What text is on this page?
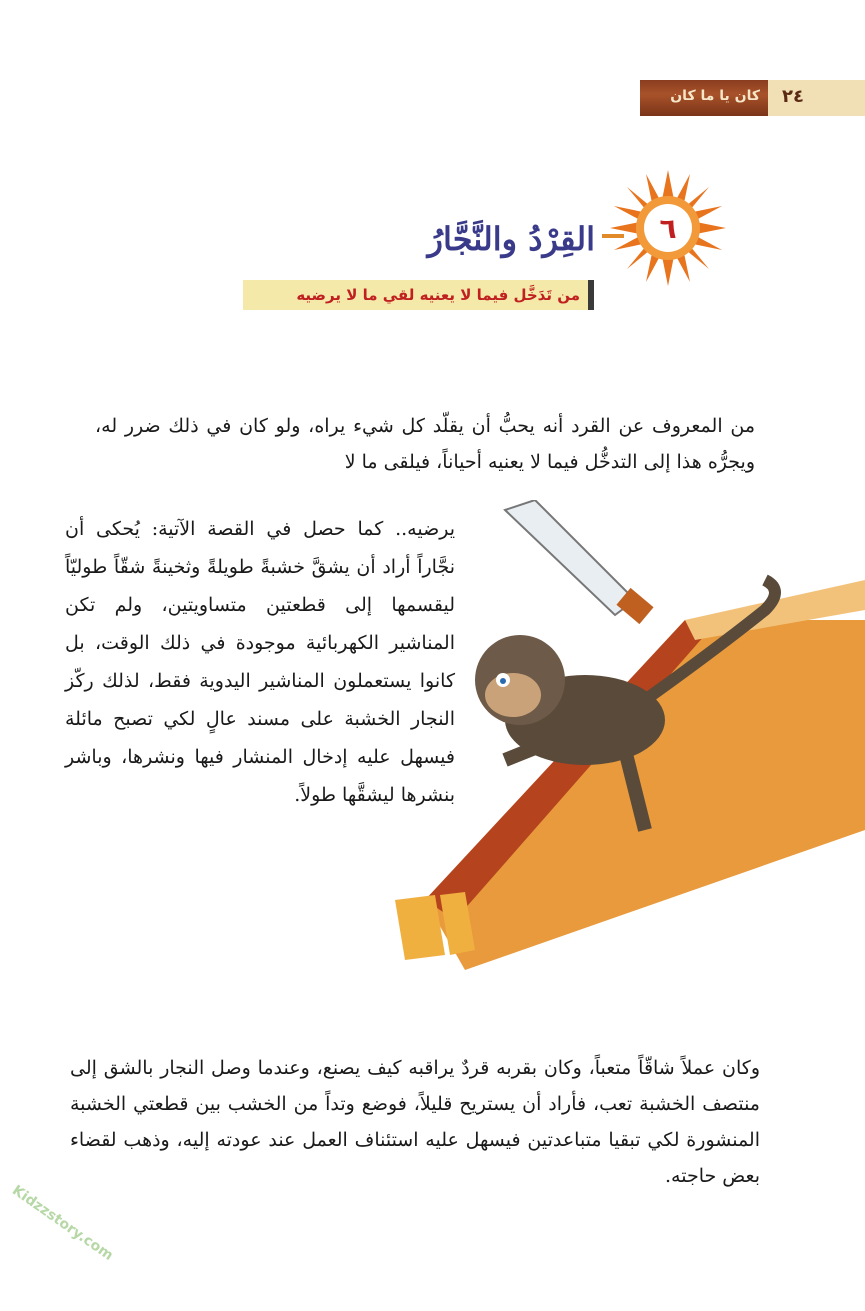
كان يا ما كان ٢٤
٦
القِرْدُ والنَّجَّارُ
من تَدَخَّل فيما لا يعنيه لقي ما لا يرضيه
من المعروف عن القرد أنه يحبُّ أن يقلّد كل شيء يراه، ولو كان في ذلك ضرر له، ويجرُّه هذا إلى التدخُّل فيما لا يعنيه أحياناً، فيلقى ما لا
يرضيه.. كما حصل في القصة الآتية: يُحكى أن نجَّاراً أراد أن يشقَّ خشبةً طويلةً وثخينةً شقّاً طوليّاً ليقسمها إلى قطعتين متساويتين، ولم تكن المناشير الكهربائية موجودة في ذلك الوقت، بل كانوا يستعملون المناشير اليدوية فقط، لذلك ركّز النجار الخشبة على مسند عالٍ لكي تصبح مائلة فيسهل عليه إدخال المنشار فيها ونشرها، وباشر بنشرها ليشقَّها طولاً.
وكان عملاً شاقّاً متعباً، وكان بقربه قردٌ يراقبه كيف يصنع، وعندما وصل النجار بالشق إلى منتصف الخشبة تعب، فأراد أن يستريح قليلاً، فوضع وتداً من الخشب بين قطعتي الخشبة المنشورة لكي تبقيا متباعدتين فيسهل عليه استئناف العمل عند عودته إليه، وذهب لقضاء بعض حاجته.
Kidzzstory.com
